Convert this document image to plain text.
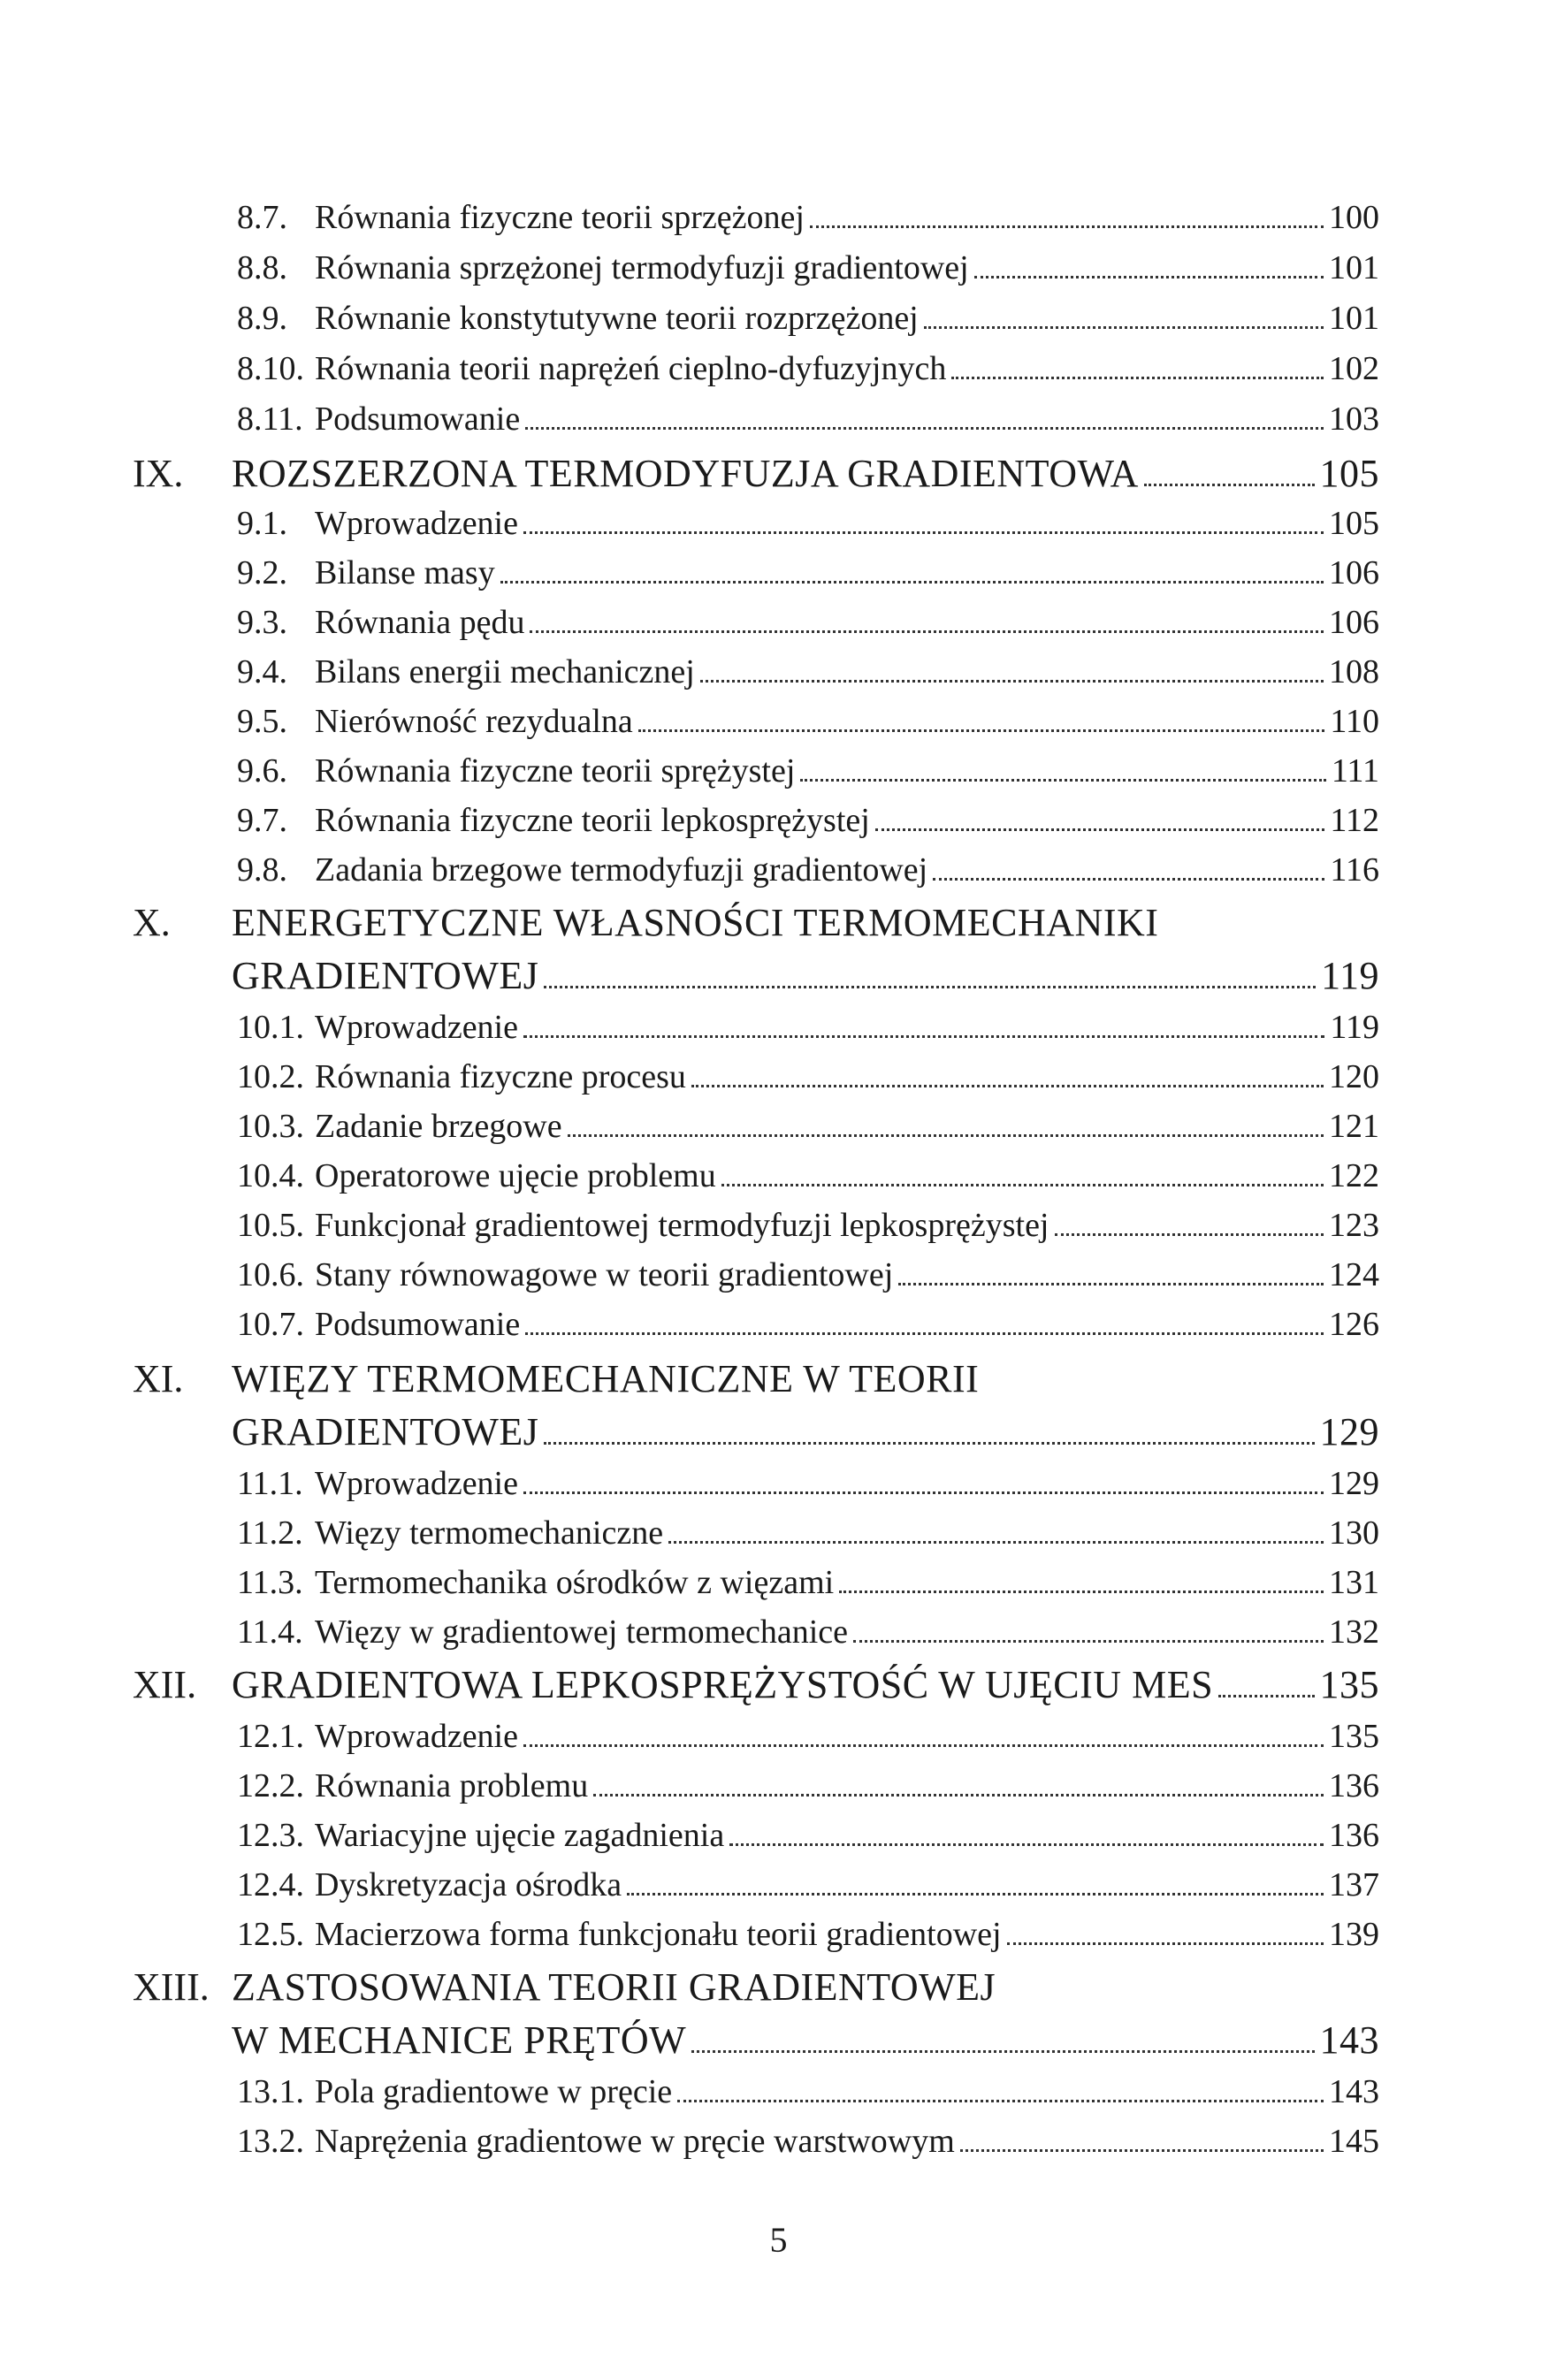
8.7. Równania fizyczne teorii sprzężonej	100
8.8. Równania sprzężonej termodyfuzji gradientowej	101
8.9. Równanie konstytutywne teorii rozprzężonej	101
8.10. Równania teorii naprężeń cieplno-dyfuzyjnych	102
8.11. Podsumowanie	103
IX. ROZSZERZONA TERMODYFUZJA GRADIENTOWA	105
9.1. Wprowadzenie	105
9.2. Bilanse masy	106
9.3. Równania pędu	106
9.4. Bilans energii mechanicznej	108
9.5. Nierówność rezydualna	110
9.6. Równania fizyczne teorii sprężystej	111
9.7. Równania fizyczne teorii lepkosprężystej	112
9.8. Zadania brzegowe termodyfuzji gradientowej	116
X. ENERGETYCZNE WŁASNOŚCI TERMOMECHANIKI
GRADIENTOWEJ	119
10.1. Wprowadzenie	119
10.2. Równania fizyczne procesu	120
10.3. Zadanie brzegowe	121
10.4. Operatorowe ujęcie problemu	122
10.5. Funkcjonał gradientowej termodyfuzji lepkosprężystej	123
10.6. Stany równowagowe w teorii gradientowej	124
10.7. Podsumowanie	126
XI. WIĘZY TERMOMECHANICZNE W TEORII
GRADIENTOWEJ	129
11.1. Wprowadzenie	129
11.2. Więzy termomechaniczne	130
11.3. Termomechanika ośrodków z więzami	131
11.4. Więzy w gradientowej termomechanice	132
XII. GRADIENTOWA LEPKOSPRĘŻYSTOŚĆ W UJĘCIU MES	135
12.1. Wprowadzenie	135
12.2. Równania problemu	136
12.3. Wariacyjne ujęcie zagadnienia	136
12.4. Dyskretyzacja ośrodka	137
12.5. Macierzowa forma funkcjonału teorii gradientowej	139
XIII. ZASTOSOWANIA TEORII GRADIENTOWEJ
W MECHANICE PRĘTÓW	143
13.1. Pola gradientowe w pręcie	143
13.2. Naprężenia gradientowe w pręcie warstwowym	145
5
